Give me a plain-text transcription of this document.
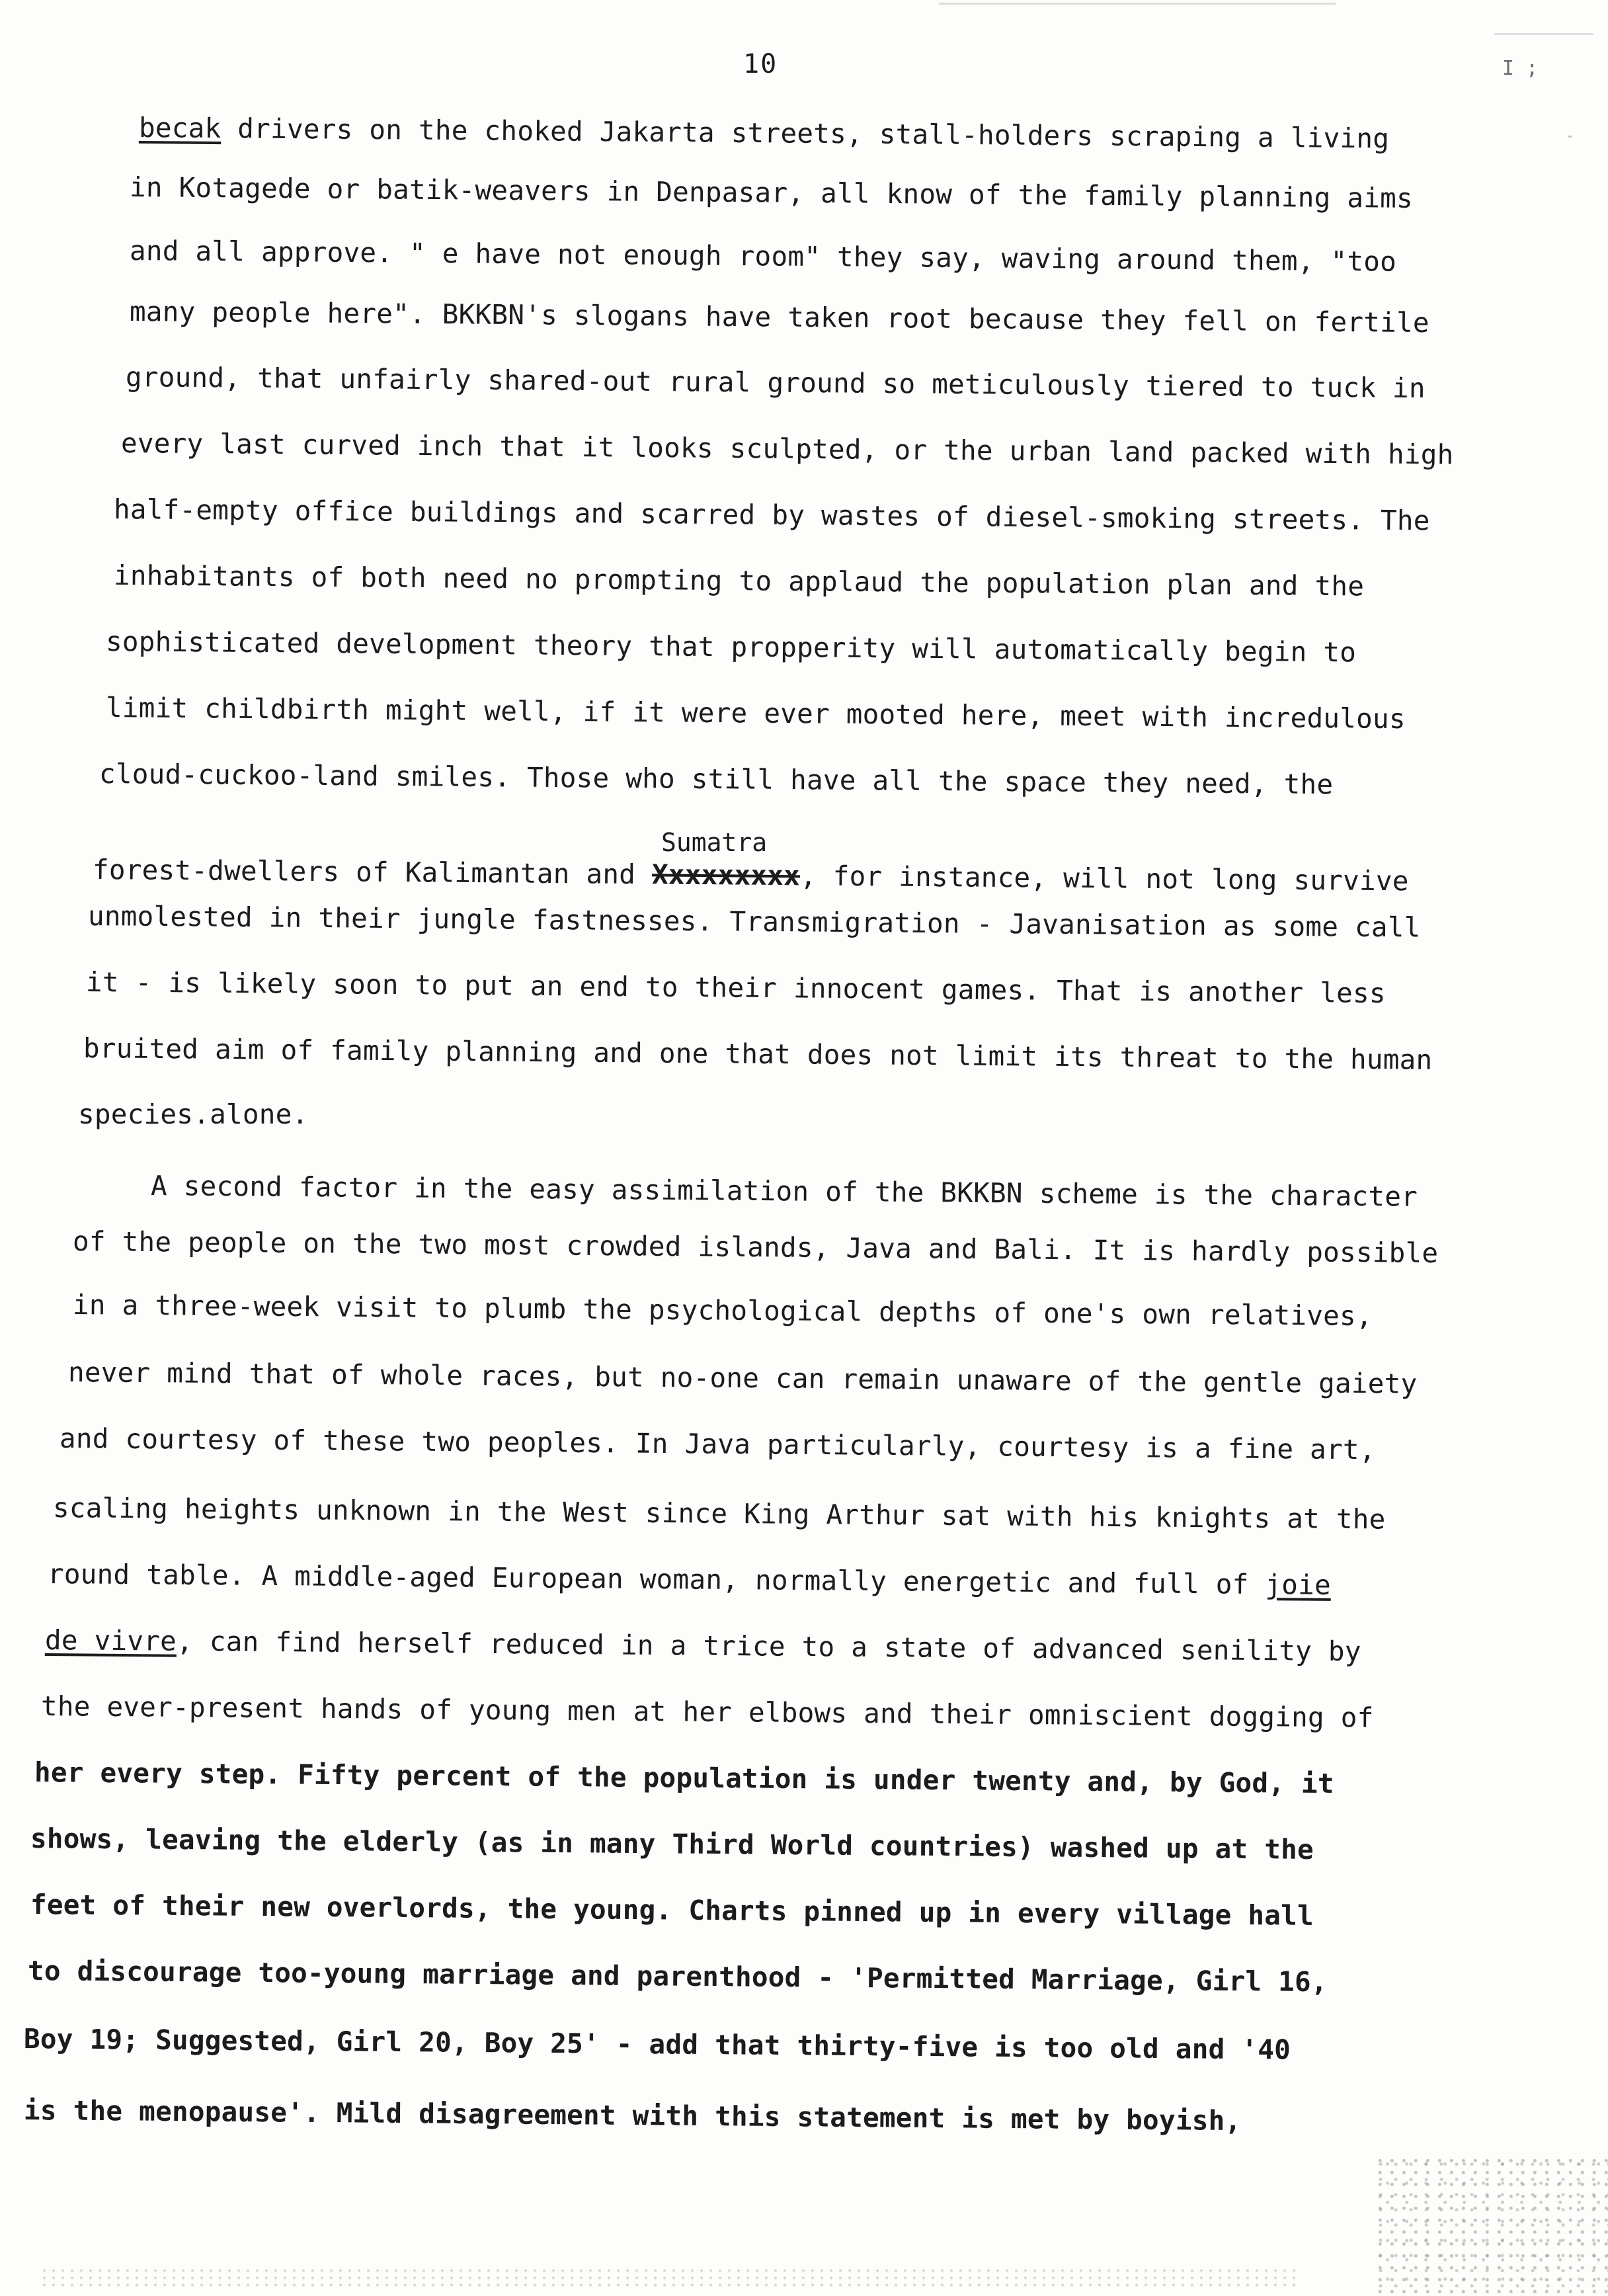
10	I ;
becak drivers on the choked Jakarta streets, stall-holders scraping a living
in Kotagede or batik-weavers in Denpasar, all know of the family planning aims
and all approve. " e have not enough room" they say, waving around them, "too
many people here". BKKBN's slogans have taken root because they fell on fertile
ground, that unfairly shared-out rural ground so meticulously tiered to tuck in
every last curved inch that it looks sculpted, or the urban land packed with high
half-empty office buildings and scarred by wastes of diesel-smoking streets. The
inhabitants of both need no prompting to applaud the population plan and the
sophisticated development theory that propperity will automatically begin to
limit childbirth might well, if it were ever mooted here, meet with incredulous
cloud-cuckoo-land smiles. Those who still have all the space they need, the
Sumatra
forest-dwellers of Kalimantan and Xxxxxxxxx, for instance, will not long survive
unmolested in their jungle fastnesses. Transmigration - Javanisation as some call
it - is likely soon to put an end to their innocent games. That is another less
bruited aim of family planning and one that does not limit its threat to the human
species.alone.
A second factor in the easy assimilation of the BKKBN scheme is the character
of the people on the two most crowded islands, Java and Bali. It is hardly possible
in a three-week visit to plumb the psychological depths of one's own relatives,
never mind that of whole races, but no-one can remain unaware of the gentle gaiety
and courtesy of these two peoples. In Java particularly, courtesy is a fine art,
scaling heights unknown in the West since King Arthur sat with his knights at the
round table. A middle-aged European woman, normally energetic and full of joie
de vivre, can find herself reduced in a trice to a state of advanced senility by
the ever-present hands of young men at her elbows and their omniscient dogging of
her every step. Fifty percent of the population is under twenty and, by God, it
shows, leaving the elderly (as in many Third World countries) washed up at the
feet of their new overlords, the young. Charts pinned up in every village hall
to discourage too-young marriage and parenthood - 'Permitted Marriage, Girl 16,
Boy 19; Suggested, Girl 20, Boy 25' - add that thirty-five is too old and '40
is the menopause'. Mild disagreement with this statement is met by boyish,
